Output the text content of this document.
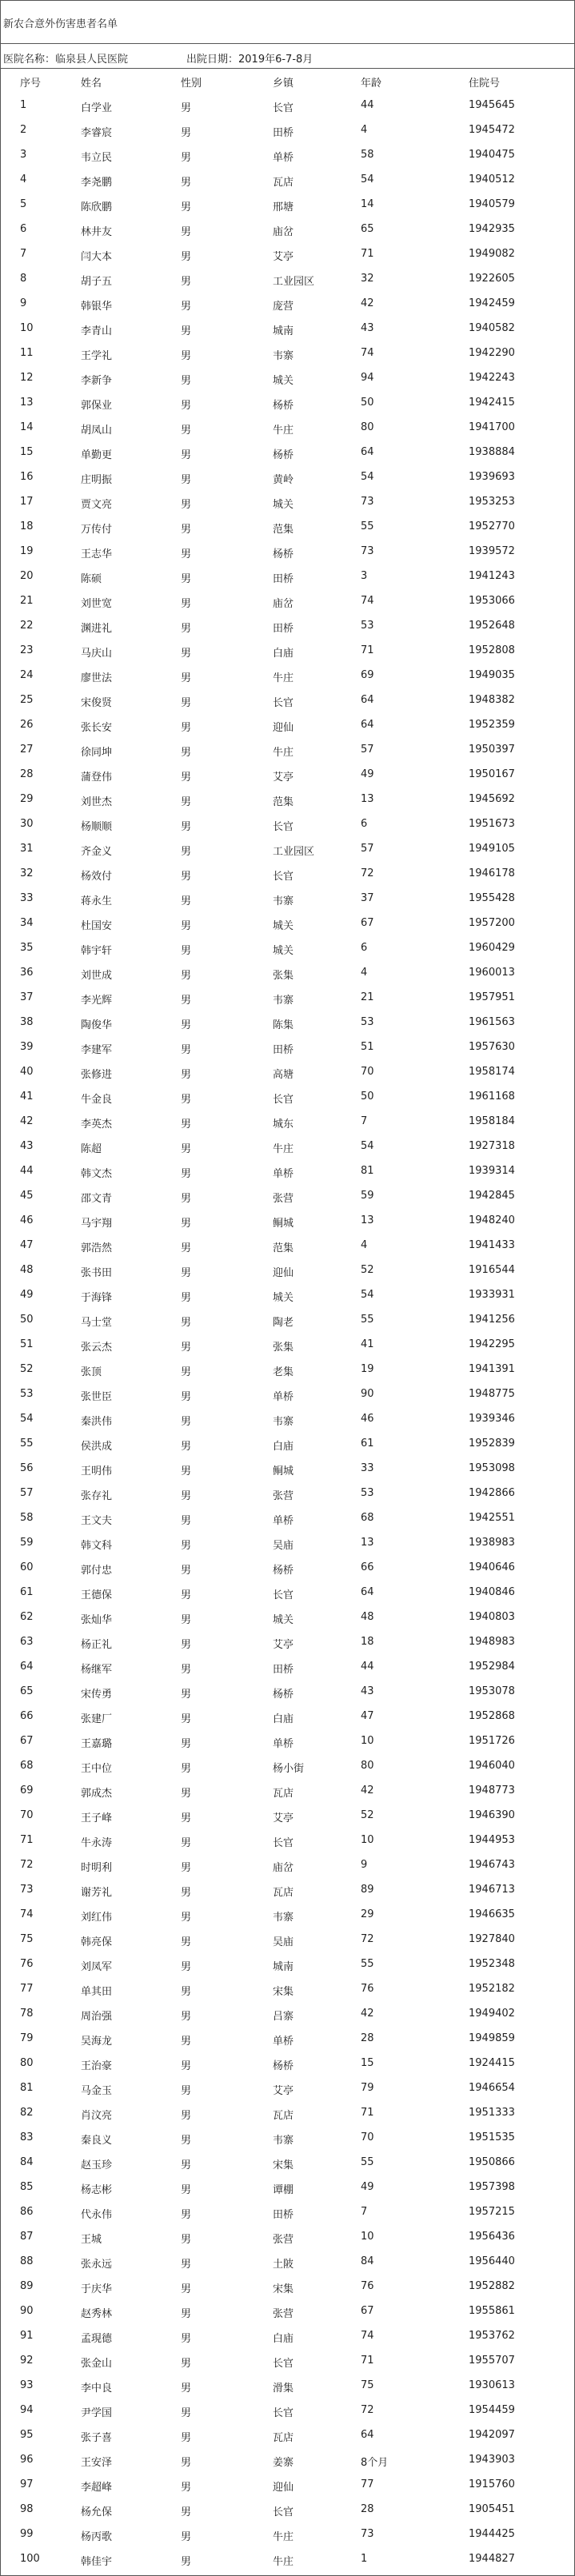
新农合意外伤害患者名单
医院名称：临泉县人民医院	出院日期：2019年6-7-8月
序号	姓名	性别	乡镇	年龄	住院号
1	白学业	男	长官	44	1945645
2	李睿宸	男	田桥	4	1945472
3	韦立民	男	单桥	58	1940475
4	李尧鹏	男	瓦店	54	1940512
5	陈欣鹏	男	邢塘	14	1940579
6	林井友	男	庙岔	65	1942935
7	闫大本	男	艾亭	71	1949082
8	胡子五	男	工业园区	32	1922605
9	韩银华	男	庞营	42	1942459
10	李青山	男	城南	43	1940582
11	王学礼	男	韦寨	74	1942290
12	李新争	男	城关	94	1942243
13	郭保业	男	杨桥	50	1942415
14	胡凤山	男	牛庄	80	1941700
15	单勤更	男	杨桥	64	1938884
16	庄明振	男	黄岭	54	1939693
17	贾文亮	男	城关	73	1953253
18	万传付	男	范集	55	1952770
19	王志华	男	杨桥	73	1939572
20	陈硕	男	田桥	3	1941243
21	刘世宽	男	庙岔	74	1953066
22	渊进礼	男	田桥	53	1952648
23	马庆山	男	白庙	71	1952808
24	廖世法	男	牛庄	69	1949035
25	宋俊贤	男	长官	64	1948382
26	张长安	男	迎仙	64	1952359
27	徐同坤	男	牛庄	57	1950397
28	蒲登伟	男	艾亭	49	1950167
29	刘世杰	男	范集	13	1945692
30	杨顺顺	男	长官	6	1951673
31	齐金义	男	工业园区	57	1949105
32	杨效付	男	长官	72	1946178
33	蒋永生	男	韦寨	37	1955428
34	杜国安	男	城关	67	1957200
35	韩宇轩	男	城关	6	1960429
36	刘世成	男	张集	4	1960013
37	李光辉	男	韦寨	21	1957951
38	陶俊华	男	陈集	53	1961563
39	李建军	男	田桥	51	1957630
40	张修进	男	高塘	70	1958174
41	牛金良	男	长官	50	1961168
42	李英杰	男	城东	7	1958184
43	陈超	男	牛庄	54	1927318
44	韩文杰	男	单桥	81	1939314
45	邵文青	男	张营	59	1942845
46	马宇翔	男	鲖城	13	1948240
47	郭浩然	男	范集	4	1941433
48	张书田	男	迎仙	52	1916544
49	于海锋	男	城关	54	1933931
50	马士堂	男	陶老	55	1941256
51	张云杰	男	张集	41	1942295
52	张顶	男	老集	19	1941391
53	张世臣	男	单桥	90	1948775
54	秦洪伟	男	韦寨	46	1939346
55	侯洪成	男	白庙	61	1952839
56	王明伟	男	鲖城	33	1953098
57	张存礼	男	张营	53	1942866
58	王文夫	男	单桥	68	1942551
59	韩文科	男	吴庙	13	1938983
60	郭付忠	男	杨桥	66	1940646
61	王德保	男	长官	64	1940846
62	张灿华	男	城关	48	1940803
63	杨正礼	男	艾亭	18	1948983
64	杨继军	男	田桥	44	1952984
65	宋传勇	男	杨桥	43	1953078
66	张建厂	男	白庙	47	1952868
67	王嘉璐	男	单桥	10	1951726
68	王中位	男	杨小街	80	1946040
69	郭成杰	男	瓦店	42	1948773
70	王子峰	男	艾亭	52	1946390
71	牛永涛	男	长官	10	1944953
72	时明利	男	庙岔	9	1946743
73	谢芳礼	男	瓦店	89	1946713
74	刘红伟	男	韦寨	29	1946635
75	韩亮保	男	吴庙	72	1927840
76	刘凤军	男	城南	55	1952348
77	单其田	男	宋集	76	1952182
78	周治强	男	吕寨	42	1949402
79	吴海龙	男	单桥	28	1949859
80	王治豪	男	杨桥	15	1924415
81	马金玉	男	艾亭	79	1946654
82	肖汶亮	男	瓦店	71	1951333
83	秦良义	男	韦寨	70	1951535
84	赵玉珍	男	宋集	55	1950866
85	杨志彬	男	谭棚	49	1957398
86	代永伟	男	田桥	7	1957215
87	王城	男	张营	10	1956436
88	张永远	男	土陂	84	1956440
89	于庆华	男	宋集	76	1952882
90	赵秀林	男	张营	67	1955861
91	孟現德	男	白庙	74	1953762
92	张金山	男	长官	71	1955707
93	李中良	男	滑集	75	1930613
94	尹学国	男	长官	72	1954459
95	张子喜	男	瓦店	64	1942097
96	王安泽	男	姜寨	8个月	1943903
97	李超峰	男	迎仙	77	1915760
98	杨允保	男	长官	28	1905451
99	杨丙歌	男	牛庄	73	1944425
100	韩佳宇	男	牛庄	1	1944827
